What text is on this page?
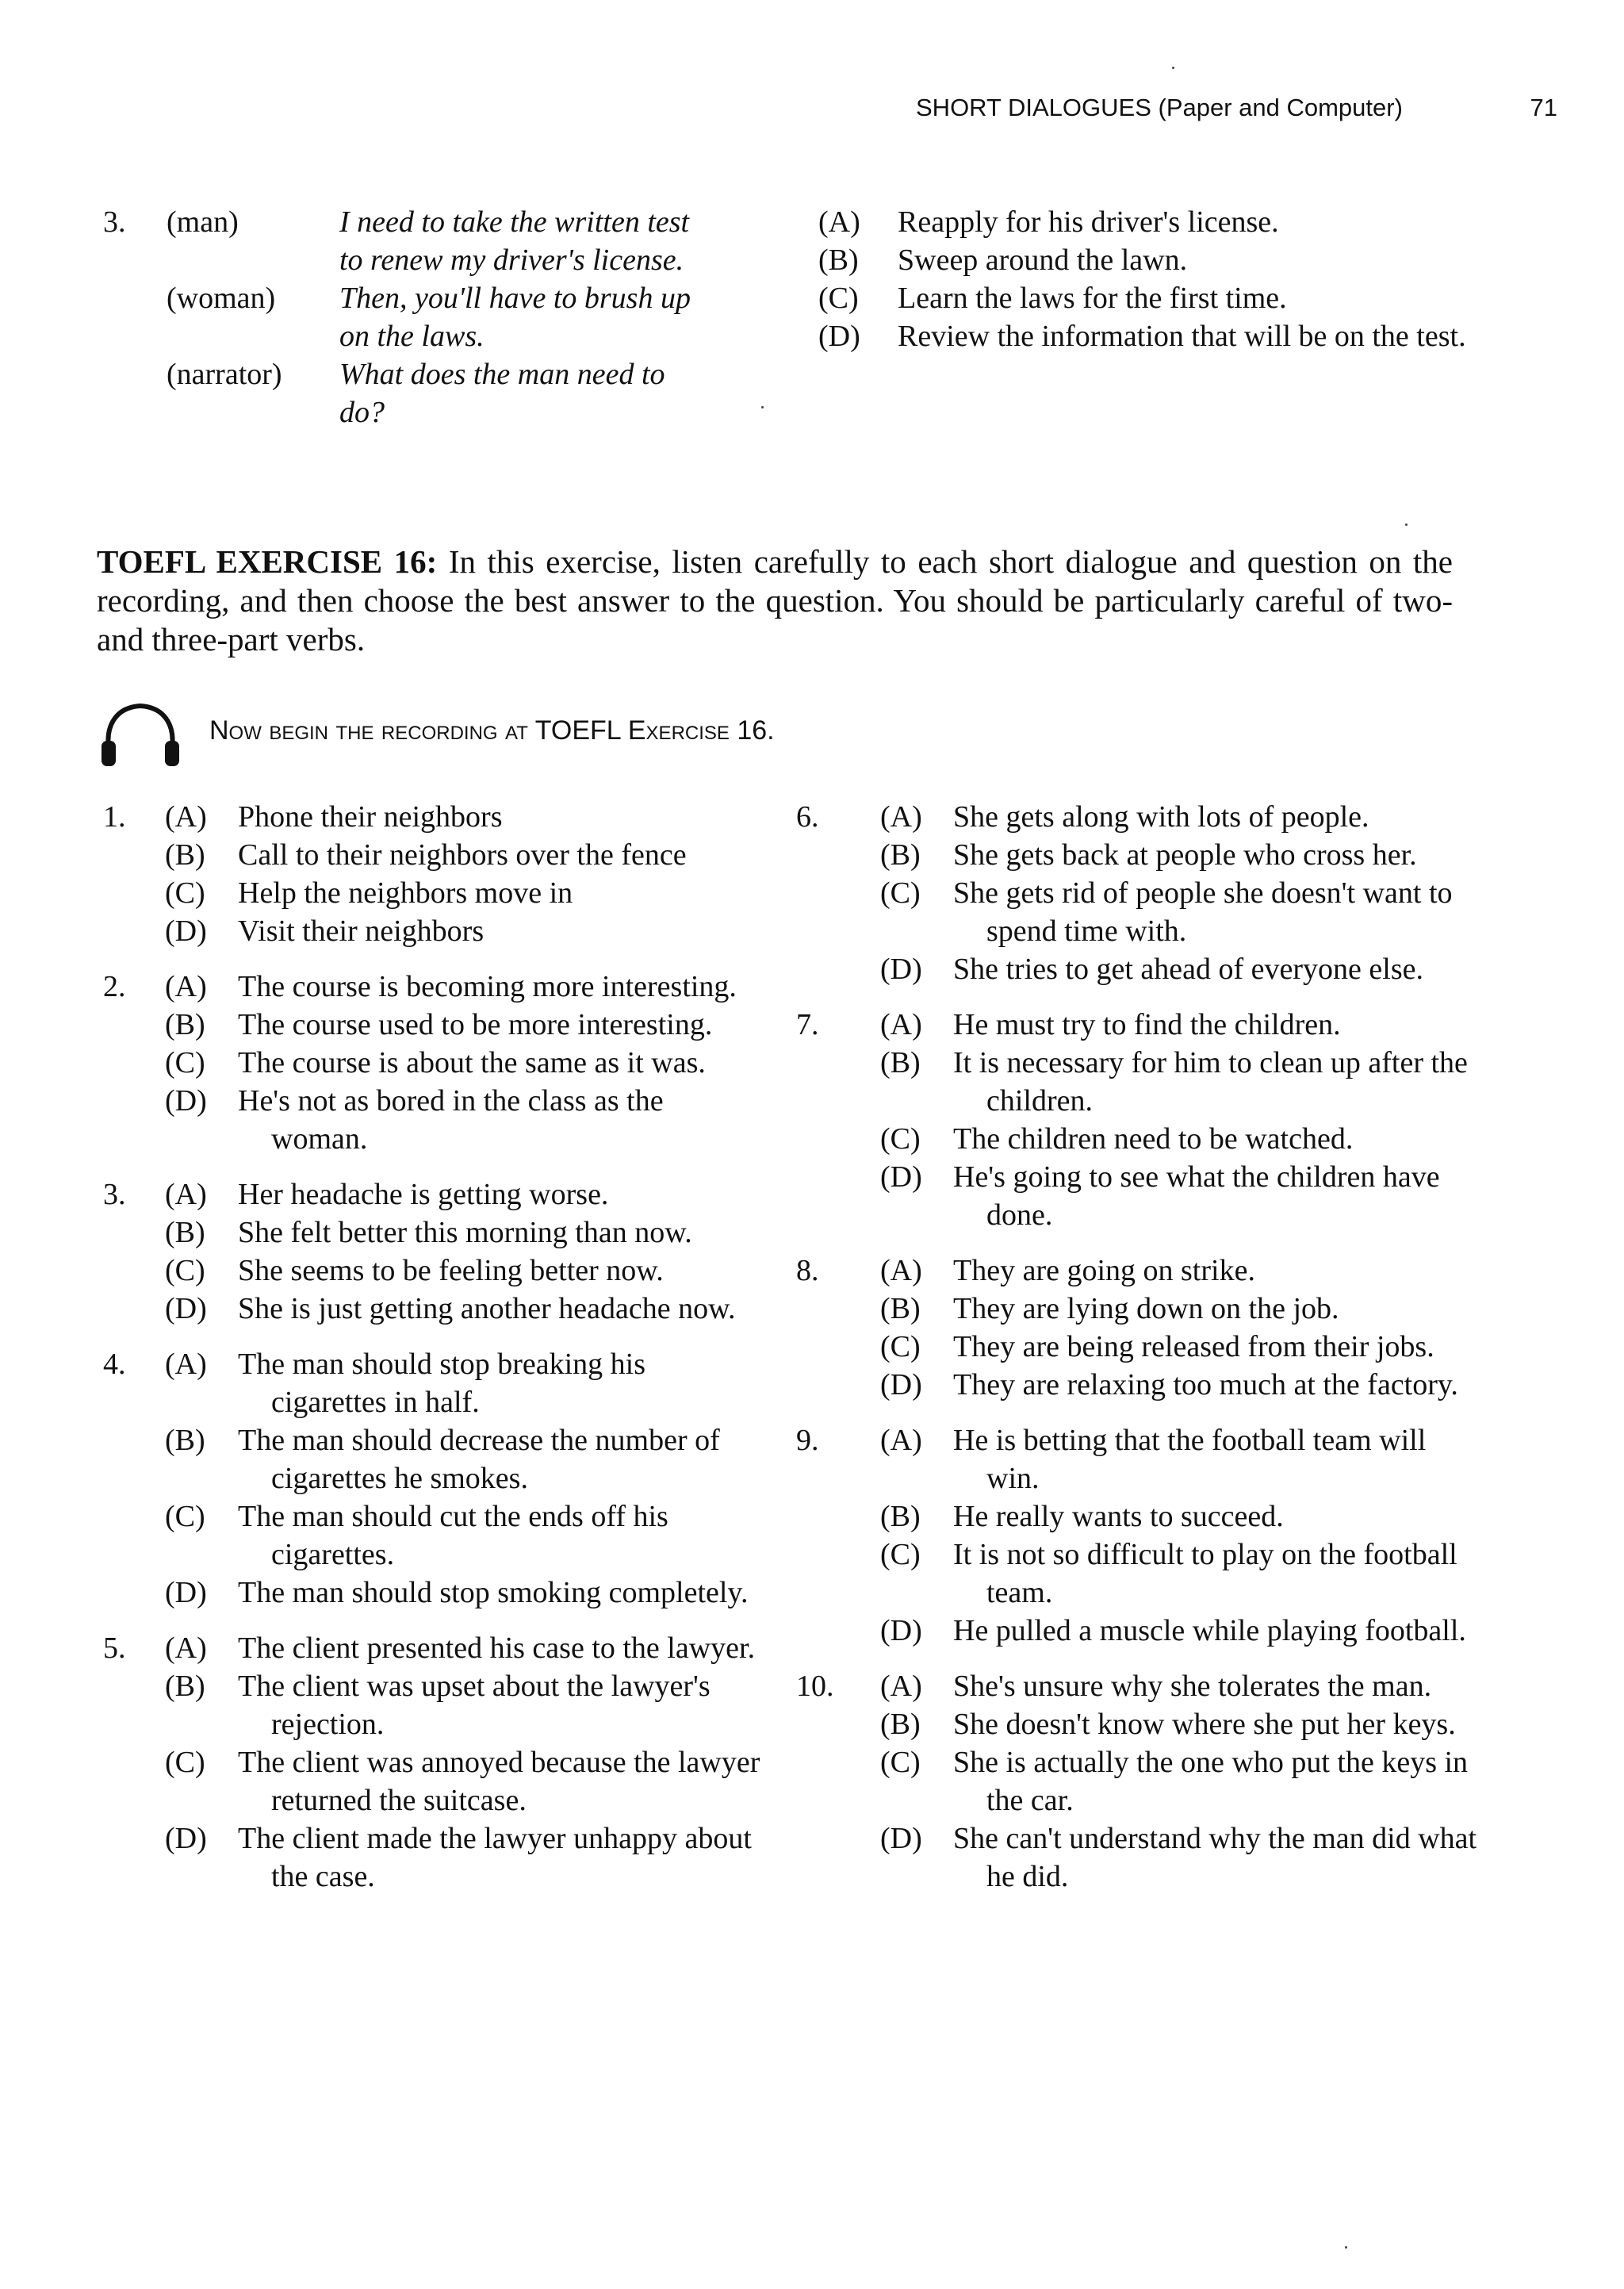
SHORT DIALOGUES (Paper and Computer)	71
3.	(man)	I need to take the written test to renew my driver's license.
(woman)	Then, you'll have to brush up on the laws.
(narrator)	What does the man need to do?
(A)	Reapply for his driver's license.
(B)	Sweep around the lawn.
(C)	Learn the laws for the first time.
(D)	Review the information that will be on the test.
TOEFL EXERCISE 16: In this exercise, listen carefully to each short dialogue and question on the recording, and then choose the best answer to the question. You should be particularly careful of two- and three-part verbs.
Now begin the recording at TOEFL Exercise 16.
1.	(A)	Phone their neighbors
(B)	Call to their neighbors over the fence
(C)	Help the neighbors move in
(D)	Visit their neighbors
2.	(A)	The course is becoming more interesting.
(B)	The course used to be more interesting.
(C)	The course is about the same as it was.
(D)	He's not as bored in the class as the woman.
3.	(A)	Her headache is getting worse.
(B)	She felt better this morning than now.
(C)	She seems to be feeling better now.
(D)	She is just getting another headache now.
4.	(A)	The man should stop breaking his cigarettes in half.
(B)	The man should decrease the number of cigarettes he smokes.
(C)	The man should cut the ends off his cigarettes.
(D)	The man should stop smoking completely.
5.	(A)	The client presented his case to the lawyer.
(B)	The client was upset about the lawyer's rejection.
(C)	The client was annoyed because the lawyer returned the suitcase.
(D)	The client made the lawyer unhappy about the case.
6.	(A)	She gets along with lots of people.
(B)	She gets back at people who cross her.
(C)	She gets rid of people she doesn't want to spend time with.
(D)	She tries to get ahead of everyone else.
7.	(A)	He must try to find the children.
(B)	It is necessary for him to clean up after the children.
(C)	The children need to be watched.
(D)	He's going to see what the children have done.
8.	(A)	They are going on strike.
(B)	They are lying down on the job.
(C)	They are being released from their jobs.
(D)	They are relaxing too much at the factory.
9.	(A)	He is betting that the football team will win.
(B)	He really wants to succeed.
(C)	It is not so difficult to play on the football team.
(D)	He pulled a muscle while playing football.
10.	(A)	She's unsure why she tolerates the man.
(B)	She doesn't know where she put her keys.
(C)	She is actually the one who put the keys in the car.
(D)	She can't understand why the man did what he did.
